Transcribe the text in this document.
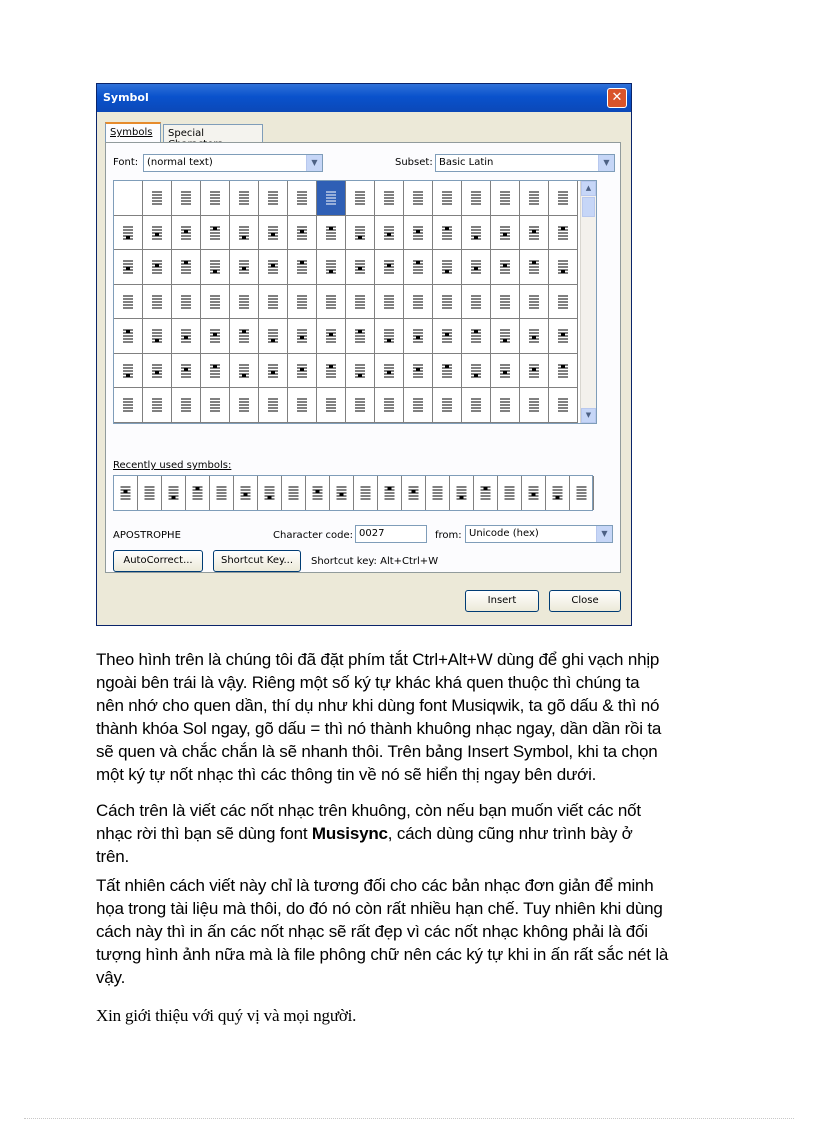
Symbol	✕
Symbols	Special
Font: (normal text)	▼	Subset: Basic Latin	▼
▲
▼
Recently used symbols:
APOSTROPHE	Character code: 0027	from: Unicode (hex)	▼
AutoCorrect...	Shortcut Key...	Shortcut key: Alt+Ctrl+W
Insert	Close
Theo hình trên là chúng tôi đã đặt phím tắt Ctrl+Alt+W dùng để ghi vạch nhịp
ngoài bên trái là vậy. Riêng một số ký tự khác khá quen thuộc thì chúng ta
nên nhớ cho quen dần, thí dụ như khi dùng font Musiqwik, ta gõ dấu & thì nó
thành khóa Sol ngay, gõ dấu = thì nó thành khuông nhạc ngay, dần dần rồi ta
sẽ quen và chắc chắn là sẽ nhanh thôi. Trên bảng Insert Symbol, khi ta chọn
một ký tự nốt nhạc thì các thông tin về nó sẽ hiển thị ngay bên dưới.
Cách trên là viết các nốt nhạc trên khuông, còn nếu bạn muốn viết các nốt
nhạc rời thì bạn sẽ dùng font Musisync, cách dùng cũng như trình bày ở
trên.
Tất nhiên cách viết này chỉ là tương đối cho các bản nhạc đơn giản để minh
họa trong tài liệu mà thôi, do đó nó còn rất nhiều hạn chế. Tuy nhiên khi dùng
cách này thì in ấn các nốt nhạc sẽ rất đẹp vì các nốt nhạc không phải là đối
tượng hình ảnh nữa mà là file phông chữ nên các ký tự khi in ấn rất sắc nét là
vậy.
Xin giới thiệu với quý vị và mọi người.
